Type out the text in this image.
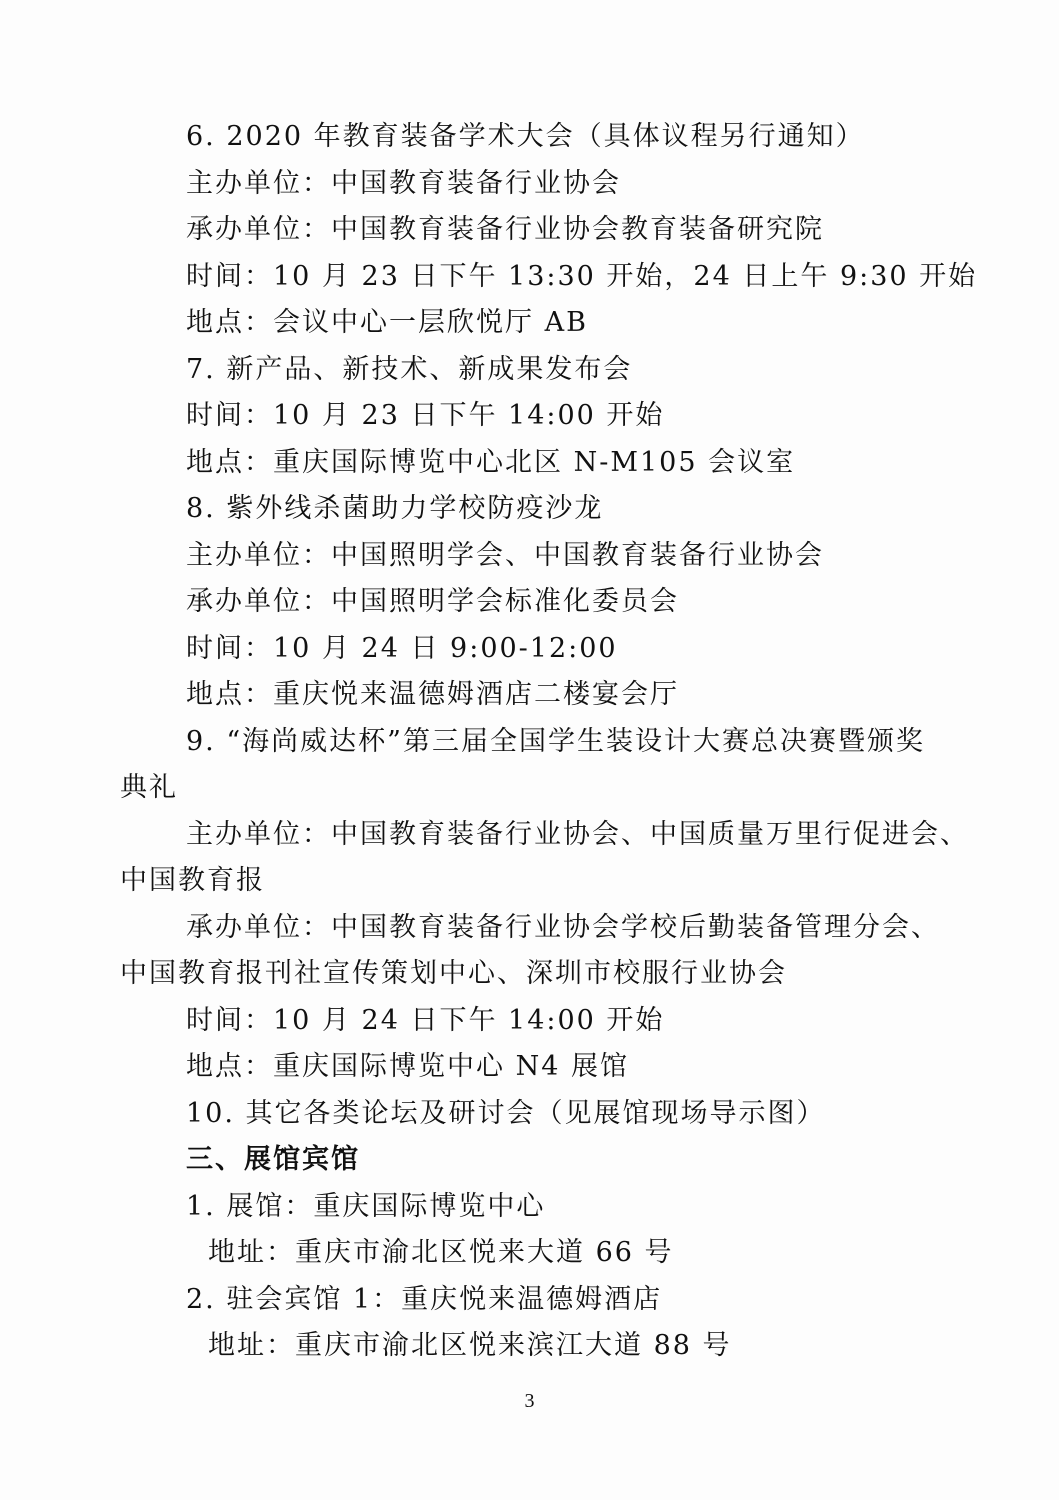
6. 2020 年教育装备学术大会（具体议程另行通知）
主办单位：中国教育装备行业协会
承办单位：中国教育装备行业协会教育装备研究院
时间：10 月 23 日下午 13:30 开始，24 日上午 9:30 开始
地点：会议中心一层欣悦厅 AB
7. 新产品、新技术、新成果发布会
时间：10 月 23 日下午 14:00 开始
地点：重庆国际博览中心北区 N-M105 会议室
8. 紫外线杀菌助力学校防疫沙龙
主办单位：中国照明学会、中国教育装备行业协会
承办单位：中国照明学会标准化委员会
时间：10 月 24 日 9:00-12:00
地点：重庆悦来温德姆酒店二楼宴会厅
9. “海尚威达杯”第三届全国学生装设计大赛总决赛暨颁奖
典礼
主办单位：中国教育装备行业协会、中国质量万里行促进会、
中国教育报
承办单位：中国教育装备行业协会学校后勤装备管理分会、
中国教育报刊社宣传策划中心、深圳市校服行业协会
时间：10 月 24 日下午 14:00 开始
地点：重庆国际博览中心 N4 展馆
10. 其它各类论坛及研讨会（见展馆现场导示图）
三、展馆宾馆
1. 展馆：重庆国际博览中心
地址：重庆市渝北区悦来大道 66 号
2. 驻会宾馆 1：重庆悦来温德姆酒店
地址：重庆市渝北区悦来滨江大道 88 号
3
